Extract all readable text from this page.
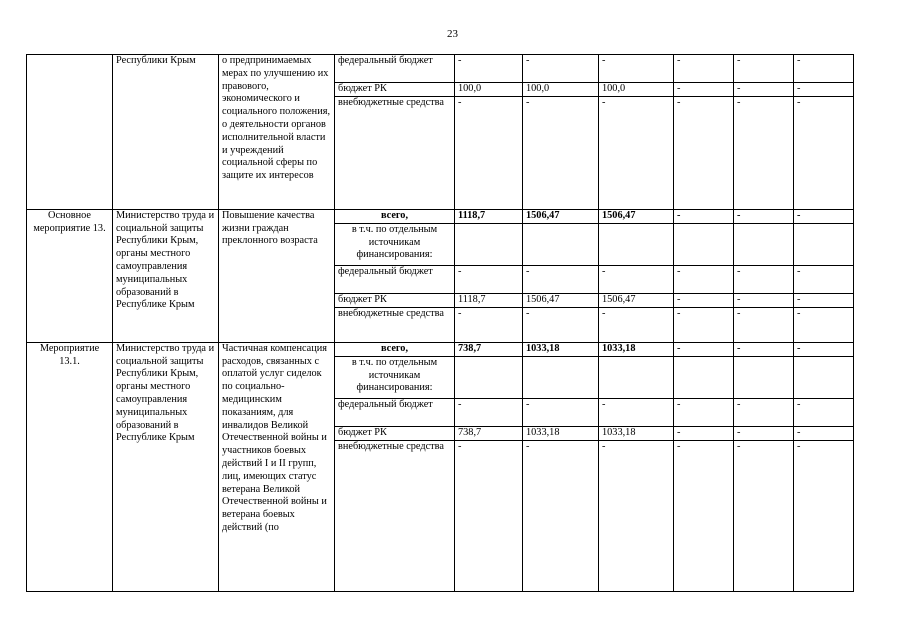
23
	Республики Крым	о предпринимаемых мерах по улучшению их правового, экономического и социального положения, о деятельности органов исполнительной власти и учреждений социальной сферы по защите их интересов	федеральный бюджет	-	-	-	-	-	-
			бюджет РК	100,0	100,0	100,0	-	-	-
			внебюджетные средства	-	-	-	-	-	-
Основное мероприятие 13.	Министерство труда и социальной защиты Республики Крым, органы местного самоуправления муниципальных образований в Республике Крым	Повышение качества жизни граждан преклонного возраста	всего,	1118,7	1506,47	1506,47	-	-	-
			в т.ч. по отдельным источникам финансирования:						
			федеральный бюджет	-	-	-	-	-	-
			бюджет РК	1118,7	1506,47	1506,47	-	-	-
			внебюджетные средства	-	-	-	-	-	-
Мероприятие 13.1.	Министерство труда и социальной защиты Республики Крым, органы местного самоуправления муниципальных образований в Республике Крым	Частичная компенсация расходов, связанных с оплатой услуг сиделок по социально-медицинским показаниям, для инвалидов Великой Отечественной войны и участников боевых действий I и II групп, лиц, имеющих статус ветерана Великой Отечественной войны и ветерана боевых действий (по	всего,	738,7	1033,18	1033,18	-	-	-
			в т.ч. по отдельным источникам финансирования:						
			федеральный бюджет	-	-	-	-	-	-
			бюджет РК	738,7	1033,18	1033,18	-	-	-
			внебюджетные средства	-	-	-	-	-	-
